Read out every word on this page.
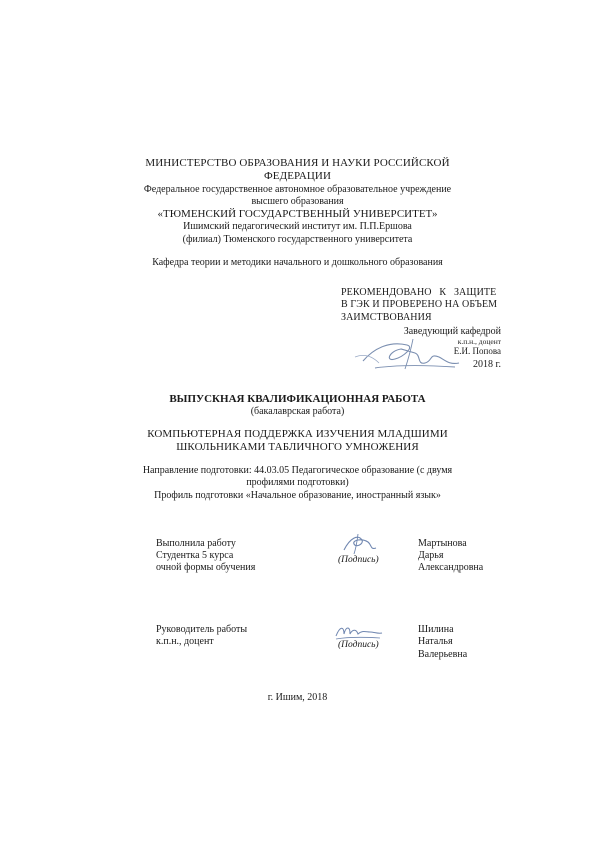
МИНИСТЕРСТВО ОБРАЗОВАНИЯ И НАУКИ РОССИЙСКОЙ
ФЕДЕРАЦИИ
Федеральное государственное автономное образовательное учреждение
высшего образования
«ТЮМЕНСКИЙ ГОСУДАРСТВЕННЫЙ УНИВЕРСИТЕТ»
Ишимский педагогический институт им. П.П.Ершова
(филиал) Тюменского государственного университета
Кафедра теории и методики начального и дошкольного образования
РЕКОМЕНДОВАНО   К   ЗАЩИТЕ
В ГЭК И ПРОВЕРЕНО НА ОБЪЕМ
ЗАИМСТВОВАНИЯ
Заведующий кафедрой
к.п.н., доцент
Е.И. Попова
2018 г.
ВЫПУСКНАЯ КВАЛИФИКАЦИОННАЯ РАБОТА
(бакалаврская работа)
КОМПЬЮТЕРНАЯ ПОДДЕРЖКА ИЗУЧЕНИЯ МЛАДШИМИ
ШКОЛЬНИКАМИ ТАБЛИЧНОГО УМНОЖЕНИЯ
Направление подготовки: 44.03.05 Педагогическое образование (с двумя
профилями подготовки)
Профиль подготовки «Начальное образование, иностранный язык»
Выполнила работу
Студентка 5 курса
очной формы обучения
(Подпись)
Мартынова
Дарья
Александровна
Руководитель работы
к.п.н., доцент	(Подпись)
Шилина
Наталья
Валерьевна
г. Ишим, 2018
